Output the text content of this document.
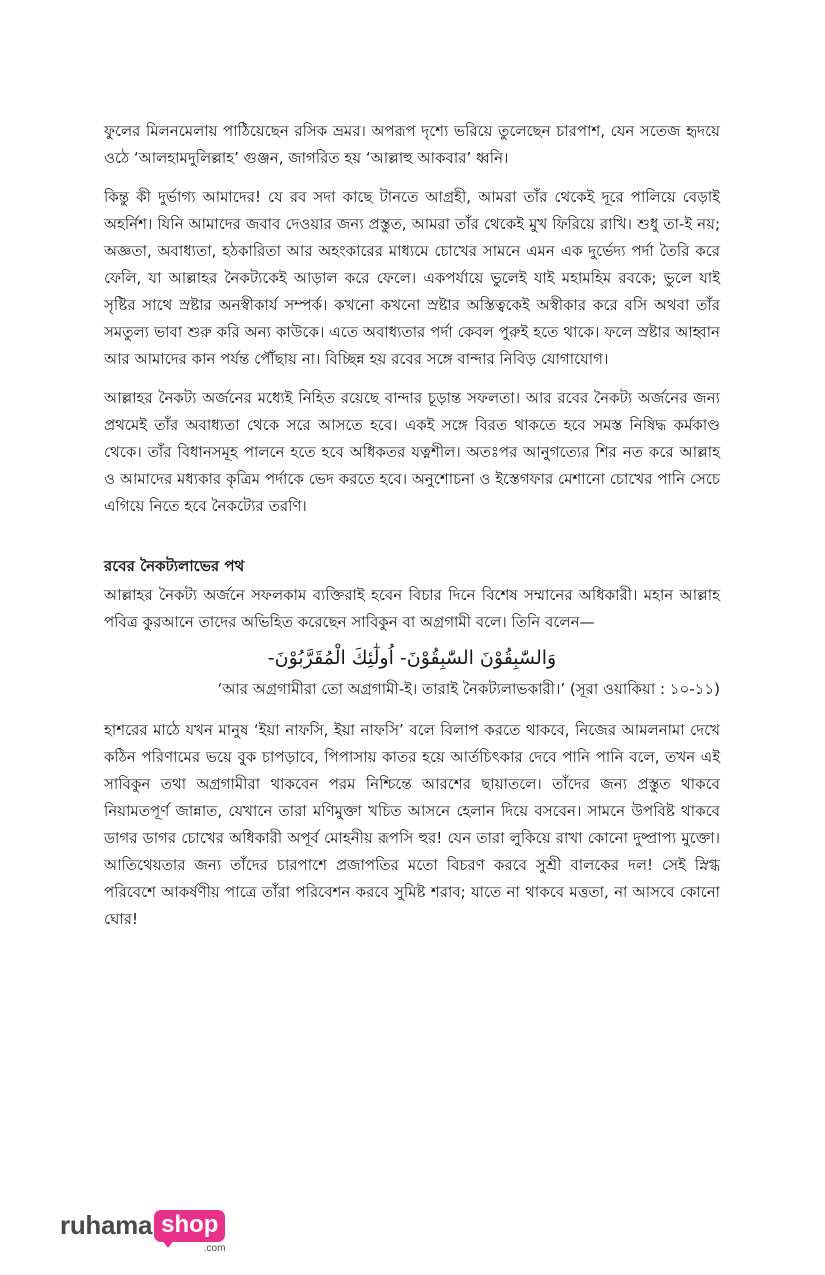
ফুলের মিলনমেলায় পাঠিয়েছেন রসিক ভ্রমর। অপরূপ দৃশ্যে ভরিয়ে তুলেছেন চারপাশ, যেন সতেজ হৃদয়ে ওঠে ‘আলহামদুলিল্লাহ’ গুঞ্জন, জাগরিত হয় ‘আল্লাহু আকবার’ ধ্বনি।

কিন্তু কী দুর্ভাগ্য আমাদের! যে রব সদা কাছে টানতে আগ্রহী, আমরা তাঁর থেকেই দূরে পালিয়ে বেড়াই অহর্নিশ। যিনি আমাদের জবাব দেওয়ার জন্য প্রস্তুত, আমরা তাঁর থেকেই মুখ ফিরিয়ে রাখি। শুধু তা-ই নয়; অজ্ঞতা, অবাধ্যতা, হঠকারিতা আর অহংকারের মাধ্যমে চোখের সামনে এমন এক দুর্ভেদ্য পর্দা তৈরি করে ফেলি, যা আল্লাহর নৈকট্যকেই আড়াল করে ফেলে। একপর্যায়ে ভুলেই যাই মহামহিম রবকে; ভুলে যাই সৃষ্টির সাথে স্রষ্টার অনস্বীকার্য সম্পর্ক। কখনো কখনো স্রষ্টার অস্তিত্বকেই অস্বীকার করে বসি অথবা তাঁর সমতুল্য ভাবা শুরু করি অন্য কাউকে। এতে অবাধ্যতার পর্দা কেবল পুরুই হতে থাকে। ফলে স্রষ্টার আহ্বান আর আমাদের কান পর্যন্ত পৌঁছায় না। বিচ্ছিন্ন হয় রবের সঙ্গে বান্দার নিবিড় যোগাযোগ।

আল্লাহর নৈকট্য অর্জনের মধ্যেই নিহিত রয়েছে বান্দার চূড়ান্ত সফলতা। আর রবের নৈকট্য অর্জনের জন্য প্রথমেই তাঁর অবাধ্যতা থেকে সরে আসতে হবে। একই সঙ্গে বিরত থাকতে হবে সমস্ত নিষিদ্ধ কর্মকাণ্ড থেকে। তাঁর বিধানসমূহ পালনে হতে হবে অধিকতর যত্নশীল। অতঃপর আনুগত্যের শির নত করে আল্লাহ ও আমাদের মধ্যকার কৃত্রিম পর্দাকে ভেদ করতে হবে। অনুশোচনা ও ইস্তেগফার মেশানো চোখের পানি সেচে এগিয়ে নিতে হবে নৈকট্যের তরণি।

রবের নৈকট্যলাভের পথ

আল্লাহর নৈকট্য অর্জনে সফলকাম ব্যক্তিরাই হবেন বিচার দিনে বিশেষ সম্মানের অধিকারী। মহান আল্লাহ পবিত্র কুরআনে তাদের অভিহিত করেছেন সাবিকুন বা অগ্রগামী বলে। তিনি বলেন—

وَالسّٰبِقُوْنَ السّٰبِقُوْنَ- اُولٰٓئِكَ الْمُقَرَّبُوْنَ-
‘আর অগ্রগামীরা তো অগ্রগামী-ই। তারাই নৈকট্যলাভকারী।’ (সূরা ওয়াকিয়া : ১০-১১)

হাশরের মাঠে যখন মানুষ ‘ইয়া নাফসি, ইয়া নাফসি’ বলে বিলাপ করতে থাকবে, নিজের আমলনামা দেখে কঠিন পরিণামের ভয়ে বুক চাপড়াবে, পিপাসায় কাতর হয়ে আর্তচিৎকার দেবে পানি পানি বলে, তখন এই সাবিকুন তথা অগ্রগামীরা থাকবেন পরম নিশ্চিন্তে আরশের ছায়াতলে। তাঁদের জন্য প্রস্তুত থাকবে নিয়ামতপূর্ণ জান্নাত, যেখানে তারা মণিমুক্তা খচিত আসনে হেলান দিয়ে বসবেন। সামনে উপবিষ্ট থাকবে ডাগর ডাগর চোখের অধিকারী অপূর্ব মোহনীয় রূপসি হুর! যেন তারা লুকিয়ে রাখা কোনো দুষ্প্রাপ্য মুক্তো। আতিথেয়তার জন্য তাঁদের চারপাশে প্রজাপতির মতো বিচরণ করবে সুশ্রী বালকের দল! সেই স্নিগ্ধ পরিবেশে আকর্ষণীয় পাত্রে তাঁরা পরিবেশন করবে সুমিষ্ট শরাব; যাতে না থাকবে মত্ততা, না আসবে কোনো ঘোর!

ruhama shop
.com
